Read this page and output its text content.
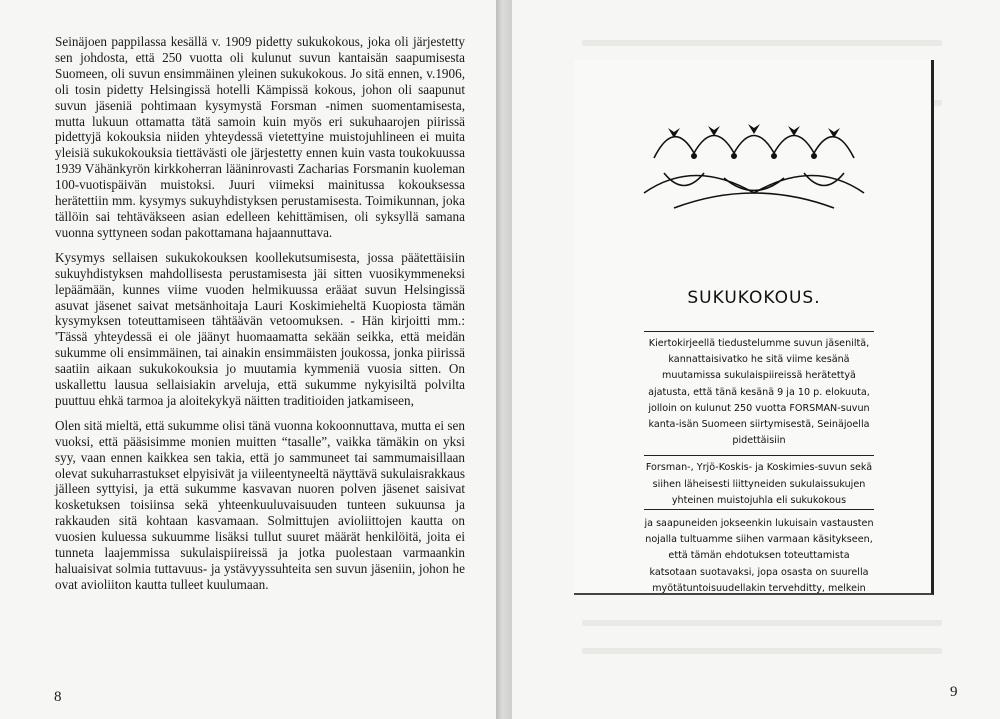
Seinäjoen pappilassa kesällä v. 1909 pidetty sukukokous, joka oli järjestetty sen johdosta, että 250 vuotta oli kulunut suvun kantaisän saapumisesta Suomeen, oli suvun ensimmäinen yleinen sukukokous. Jo sitä ennen, v.1906, oli tosin pidetty Helsingissä hotelli Kämpissä kokous, johon oli saapunut suvun jäseniä pohtimaan kysymystä Forsman -nimen suomentamisesta, mutta lukuun ottamatta tätä samoin kuin myös eri sukuhaarojen piirissä pidettyjä kokouksia niiden yhteydessä vietettyine muistojuhlineen ei muita yleisiä sukukokouksia tiettävästi ole järjestetty ennen kuin vasta toukokuussa 1939 Vähänkyrön kirkkoherran lääninrovasti Zacharias Forsmanin kuoleman 100-vuotispäivän muistoksi. Juuri viimeksi mainitussa kokouksessa herätettiin mm. kysymys sukuyhdistyksen perustamisesta. Toimikunnan, joka tällöin sai tehtäväkseen asian edelleen kehittämisen, oli syksyllä samana vuonna syttyneen sodan pakottamana hajaannuttava.

Kysymys sellaisen sukukokouksen koollekutsumisesta, jossa päätettäisiin sukuyhdistyksen mahdollisesta perustamisesta jäi sitten vuosikymmeneksi lepäämään, kunnes viime vuoden helmikuussa erääat suvun Helsingissä asuvat jäsenet saivat metsänhoitaja Lauri Koskimieheltä Kuopiosta tämän kysymyksen toteuttamiseen tähtäävän vetoomuksen. - Hän kirjoitti mm.: 'Tässä yhteydessä ei ole jäänyt huomaamatta sekään seikka, että meidän sukumme oli ensimmäinen, tai ainakin ensimmäisten joukossa, jonka piirissä saatiin aikaan sukukokouksia jo muutamia kymmeniä vuosia sitten. On uskallettu lausua sellaisiakin arveluja, että sukumme nykyisiltä polvilta puuttuu ehkä tarmoa ja aloitekykyä näitten traditioiden jatkamiseen,

Olen sitä mieltä, että sukumme olisi tänä vuonna kokoonnuttava, mutta ei sen vuoksi, että pääsisimme monien muitten “tasalle”, vaikka tämäkin on yksi syy, vaan ennen kaikkea sen takia, että jo sammuneet tai sammumaisillaan olevat sukuharrastukset elpyisivät ja viileentyneeltä näyttävä sukulaisrakkaus jälleen syttyisi, ja että sukumme kasvavan nuoren polven jäsenet saisivat kosketuksen toisiinsa sekä yhteenkuuluvaisuuden tunteen sukuunsa ja rakkauden sitä kohtaan kasvamaan. Solmittujen avioliittojen kautta on vuosien kuluessa sukuumme lisäksi tullut suuret määrät henkilöitä, joita ei tunneta laajemmissa sukulaispiireissä ja jotka puolestaan varmaankin haluaisivat solmia tuttavuus- ja ystävyyssuhteita sen suvun jäseniin, johon he ovat avioliiton kautta tulleet kuulumaan.

8	9
SUKUKOKOUS.
Kiertokirjeellä tiedustelumme suvun jäseniltä, kannattaisivatko he sitä viime kesänä muutamissa sukulaispiireissä herätettyä ajatusta, että tänä kesänä 9 ja 10 p. elokuuta, jolloin on kulunut 250 vuotta FORSMAN-suvun kanta-isän Suomeen siirtymisestä, Seinäjoella pidettäisiin
Forsman-, Yrjö-Koskis- ja Koskimies-suvun sekä siihen läheisesti liittyneiden sukulaissukujen yhteinen muistojuhla eli sukukokous
ja saapuneiden jokseenkin lukuisain vastausten nojalla tultuamme siihen varmaan käsitykseen, että tämän ehdotuksen toteuttamista katsotaan suotavaksi, jopa osasta on suurella myötätuntoisuudellakin tervehditty, melkein
